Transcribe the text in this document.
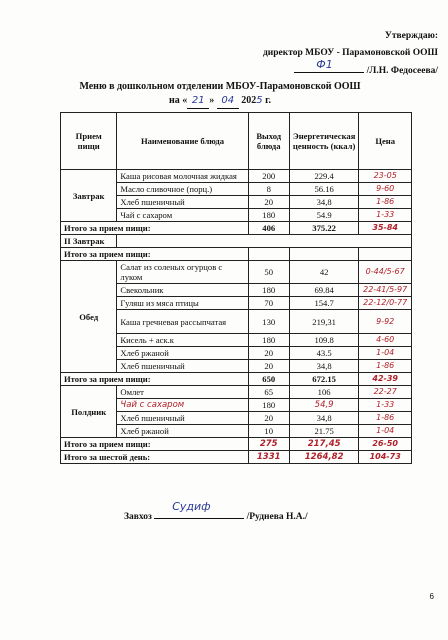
Утверждаю:
директор МБОУ - Парамоновской ООШ
Ф1	/Л.Н. Федосеева/
Меню в дошкольном отделении МБОУ-Парамоновской ООШ
на « 21 » 04 2025 г.
Прием пищи	Наименование блюда	Выход блюда	Энергетическая ценность (ккал)	Цена
Завтрак	Каша рисовая молочная жидкая	200	229.4	23-05
	Масло сливочное (порц.)	8	56.16	9-60
	Хлеб пшеничный	20	34,8	1-86
	Чай с сахаром	180	54.9	1-33
Итого за прием пищи:		406	375.22	35-84
II Завтрак				
Итого за прием пищи:				
Обед	Салат из соленых огурцов с луком	50	42	0-44/5-67
	Свекольник	180	69.84	22-41/5-97
	Гуляш из мяса птицы	70	154.7	22-12/0-77
	Каша гречневая рассыпчатая	130	219,31	9-92
	Кисель + аск.к	180	109.8	4-60
	Хлеб ржаной	20	43.5	1-04
	Хлеб пшеничный	20	34,8	1-86
Итого за прием пищи:		650	672.15	42-39
Полдник	Омлет	65	106	22-27
	Чай с сахаром	180	54,9	1-33
	Хлеб пшеничный	20	34,8	1-86
	Хлеб ржаной	10	21.75	1-04
Итого за прием пищи:		275	217,45	26-50
Итого за шестой день:		1331	1264,82	104-73
Завхоз
Судиф
/Руднева Н.А./
6
